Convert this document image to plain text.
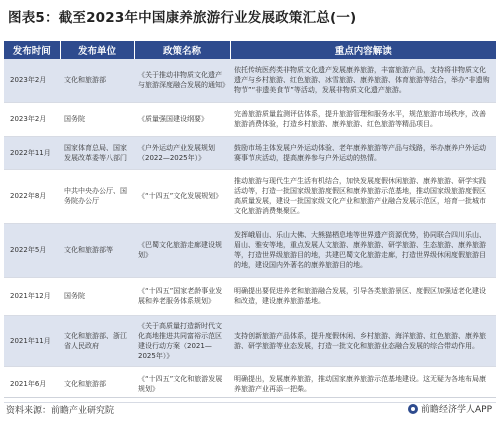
图表5：截至2023年中国康养旅游行业发展政策汇总(一)
发布时间	发布单位	政策名称	重点内容解读
2023年2月	文化和旅游部	《关于推动非物质文化遗产与旅游深度融合发展的通知》	依托传统医药类非物质文化遗产发展康养旅游，丰富旅游产品，支持将非物质文化遗产与乡村旅游、红色旅游、冰雪旅游、康养旅游、体育旅游等结合，举办“非遗购物节”“非遗美食节”等活动，发展非物质文化遗产旅游。
2023年2月	国务院	《质量强国建设纲要》	完善旅游质量监测评估体系，提升旅游管理和服务水平，规范旅游市场秩序，改善旅游消费体验，打造乡村旅游、康养旅游、红色旅游等精品项目。
2022年11月	国家体育总局、国家发展改革委等八部门	《户外运动产业发展规划（2022—2025年）》	鼓励市场主体发展户外运动体验、老年康养旅游等产品与线路，举办康养户外运动赛事节庆活动，提高康养参与户外运动的热情。
2022年8月	中共中央办公厅、国务院办公厅	《“十四五”文化发展规划》	推动旅游与现代生产生活有机结合，加快发展度假休闲旅游、康养旅游、研学实践活动等，打造一批国家级旅游度假区和康养旅游示范基地，推动国家级旅游度假区高质量发展，建设一批国家级文化产业和旅游产业融合发展示范区，培育一批城市文化旅游消费集聚区。
2022年5月	文化和旅游部等	《巴蜀文化旅游走廊建设规划》	发挥峨眉山、乐山大佛、大熊猫栖息地等世界遗产资源优势，协同联合四川乐山、眉山、雅安等地，重点发展人文旅游、康养旅游、研学旅游、生态旅游、康养旅游等，打造世界级旅游目的地，共建巴蜀文化旅游走廊，打造世界级休闲度假旅游目的地，建设国内外著名的康养旅游目的地。
2021年12月	国务院	《“十四五”国家老龄事业发展和养老服务体系规划》	明确提出要促进养老和旅游融合发展，引导各类旅游景区、度假区加强适老化建设和改造，建设康养旅游基地。
2021年11月	文化和旅游部、浙江省人民政府	《关于高质量打造新时代文化高地推进共同富裕示范区建设行动方案（2021—2025年）》	支持创新旅游产品体系，提升度假休闲、乡村旅游、海洋旅游、红色旅游、康养旅游、研学旅游等业态发展，打造一批文化和旅游业态融合发展的综合带动作用。
2021年6月	文化和旅游部	《“十四五”文化和旅游发展规划》	明确提出，发展康养旅游，推动国家康养旅游示范基地建设。这无疑为各地布局康养旅游产业再添一把柴。
资料来源：前瞻产业研究院	前瞻经济学人APP
